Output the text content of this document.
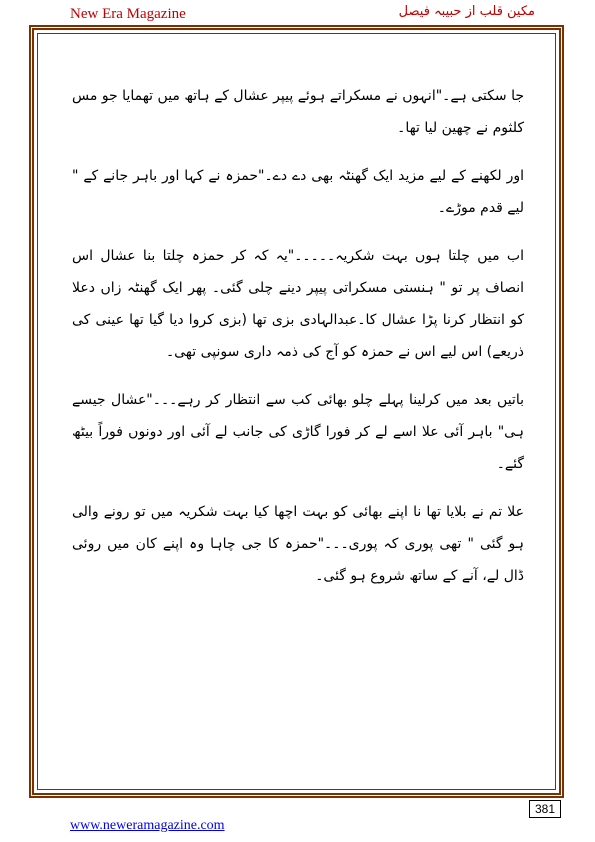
New Era Magazine	مکین قلب از حبیبہ فیصل

جا سکتی ہے۔"انہوں نے مسکراتے ہوئے پیپر عشال کے ہاتھ میں تھمایا جو مس کلثوم نے چھین لیا تھا۔

اور لکھنے کے لیے مزید ایک گھنٹہ بھی دے دے۔"حمزہ نے کہا اور باہر جانے کے " لیے قدم موڑے۔

اب میں چلتا ہوں بہت شکریہ۔۔۔۔۔"یہ کہ کر حمزہ چلتا بنا عشال اس انصاف پر تو " ہنستی مسکراتی پیپر دینے چلی گئی۔ پھر ایک گھنٹہ زاں دعلا کو انتظار کرنا پڑا عشال کا۔عبدالہادی بزی تھا (بزی کروا دیا گیا تھا عینی کی ذریعے) اس لیے اس نے حمزہ کو آج کی ذمہ داری سونپی تھی۔

باتیں بعد میں کرلینا پہلے چلو بھائی کب سے انتظار کر رہے۔۔۔"عشال جیسے ہی" باہر آئی علا اسے لے کر فورا گاڑی کی جانب لے آئی اور دونوں فوراً بیٹھ گئے۔

علا تم نے بلایا تھا نا اپنے بھائی کو بہت اچھا کیا بہت شکریہ میں تو رونے والی ہو گئی " تھی پوری کہ پوری۔۔۔"حمزہ کا جی چاہا وہ اپنے کان میں روئی ڈال لے، آنے کے ساتھ شروع ہو گئی۔

381
www.neweramagazine.com
